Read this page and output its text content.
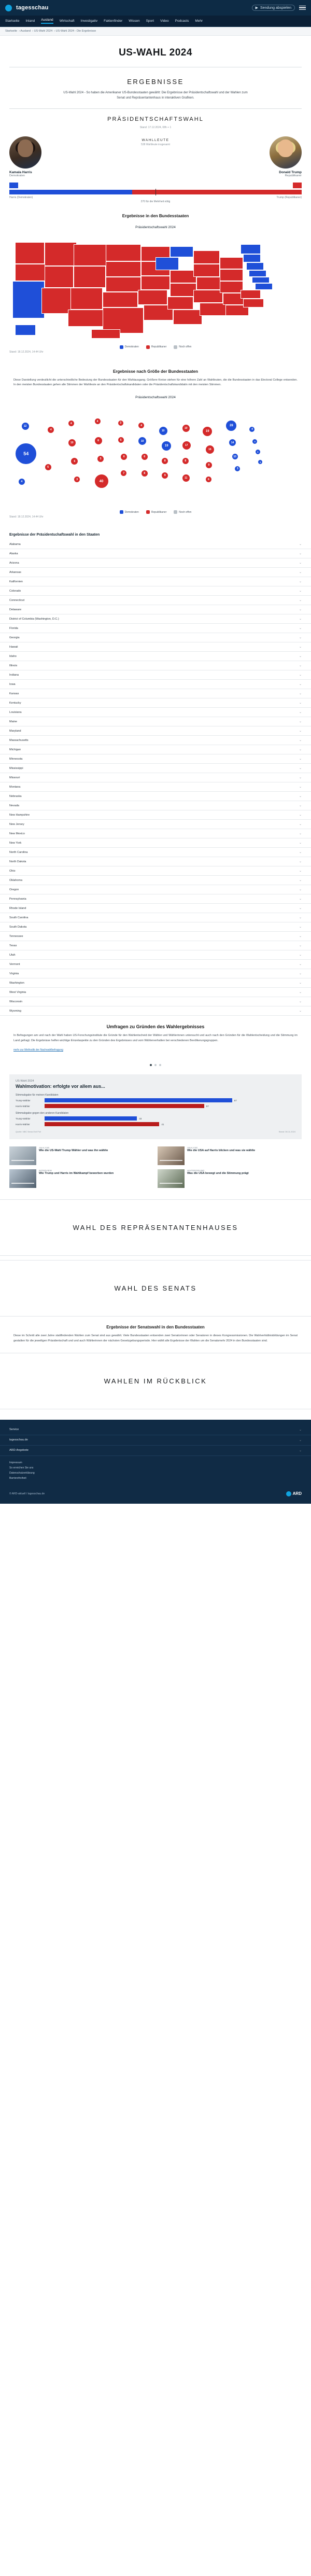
tagesschau	▶ Sendung abspielen
Startseite Inland Ausland Wirtschaft Investigativ Faktenfinder Wissen Sport Video Podcasts Mehr
Startseite › Ausland › US-Wahl 2024 › US-Wahl 2024 - Die Ergebnisse
US-WAHL 2024
ERGEBNISSE

US-Wahl 2024 - So haben die Amerikaner US-Bundesstaaten gewählt: Die Ergebnisse der Präsidentschaftswahl und der Wahlen zum Senat und Repräsentantenhaus in interaktiven Grafiken.

PRÄSIDENTSCHAFTSWAHL
Stand: 17.12.2024, 08h + 1
Kamala Harris
Demokraten
WAHLLEUTE
538 Wahlleute insgesamt
Donald Trump
Republikaner
226	312
Harris (Demokraten)	Trump (Republikaner)
270 für die Mehrheit nötig
Ergebnisse in den Bundesstaaten
Präsidentschaftswahl 2024
Demokraten	Republikaner	Noch offen
Stand: 18.12.2024, 14:44 Uhr
Ergebnisse nach Größe der Bundesstaaten

Diese Darstellung verdeutlicht die unterschiedliche Bedeutung der Bundesstaaten für den Wahlausgang. Größere Kreise stehen für eine höhere Zahl an Wahlleuten, die die Bundesstaaten in das Electoral College entsenden. In den meisten Bundesstaaten gehen alle Stimmen der Wahlleute an den Präsidentschaftskandidaten oder die Präsidentschaftskandidatin mit den meisten Stimmen.

Präsidentschaftswahl 2024
54
4
6
12
4
4
10
6
3
4
8
5
40
3
5
6
7
4
10
6
8
10
19
8
9
10
17
8
11
19
16
9
6
28
14
10
3
4
4
3
3
Demokraten	Republikaner	Noch offen
Stand: 18.12.2024, 14:44 Uhr
Ergebnisse der Präsidentschaftswahl in den Staaten
Alabama	⌄
Alaska	⌄
Arizona	⌄
Arkansas	⌄
Kalifornien	⌄
Colorado	⌄
Connecticut	⌄
Delaware	⌄
District of Columbia (Washington, D.C.)	⌄
Florida	⌄
Georgia	⌄
Hawaii	⌄
Idaho	⌄
Illinois	⌄
Indiana	⌄
Iowa	⌄
Kansas	⌄
Kentucky	⌄
Louisiana	⌄
Maine	⌄
Maryland	⌄
Massachusetts	⌄
Michigan	⌄
Minnesota	⌄
Mississippi	⌄
Missouri	⌄
Montana	⌄
Nebraska	⌄
Nevada	⌄
New Hampshire	⌄
New Jersey	⌄
New Mexico	⌄
New York	⌄
North Carolina	⌄
North Dakota	⌄
Ohio	⌄
Oklahoma	⌄
Oregon	⌄
Pennsylvania	⌄
Rhode Island	⌄
South Carolina	⌄
South Dakota	⌄
Tennessee	⌄
Texas	⌄
Utah	⌄
Vermont	⌄
Virginia	⌄
Washington	⌄
West Virginia	⌄
Wisconsin	⌄
Wyoming	⌄
Umfragen zu Gründen des Wahlergebnisses

In Befragungen am und nach der Wahl haben US-Forschungsinstitute die Gründe für den Wahlentscheid der Wähler und Wählerinnen untersucht und auch nach den Gründen für die Wahlentscheidung und die Stimmung im Land gefragt. Die Ergebnisse helfen wichtige Einzelaspekte zu den Gründen des Ergebnisses und vom Wählerverhalten bei verschiedenen Bevölkerungsgruppen.

mehr zur Methodik der Nachwahlbefragung
US-Wahl 2024
Wahlmotivation: erfolgte vor allem aus...
Stimmabgabe für meinen Kandidaten
Trump-Wähler	67
Harris-Wähler	57
Stimmabgabe gegen den anderen Kandidaten
Trump-Wähler	33
Harris-Wähler	41
Quelle: NBC News Exit Poll	Stand: 06.11.2024
ANALYSE
Wie die US-Wahl Trump Wähler und was ihn wählte
ANALYSE
Wie die USA auf Harris blicken und was sie wählte
INTERVIEW
Wie Trump und Harris im Wahlkampf beworben wurden
HINTERGRUND
Was die USA bewegt und die Stimmung prägt
WAHL DES REPRÄSENTANTENHAUSES
WAHL DES SENATS
Ergebnisse der Senatswahl in den Bundesstaaten

Diese im Schnitt alle zwei Jahre stattfindenden Wahlen zum Senat sind aus gewählt. Viele Bundesstaaten entsenden zwei Senatorinnen oder Senatoren in dieses Kongressmissionen. Die Wahlverhältnisbildungen im Senat gestalten für die jeweiligen Präsidentschaft und und auch Wählerinnen der nächsten Gesetzgebungsperiode. Hier wählt alle Ergebnisse der Wahlen um die Senatsmehr 2024 in den Bundesstaaten sind.

WAHLEN IM RÜCKBLICK
Service	⌄
tagesschau.de	⌄
ARD-Angebote	⌄
Impressum
So erreichen Sie uns
Datenschutzerklärung
Barrierefreiheit
© ARD-aktuell / tagesschau.de	ARD
